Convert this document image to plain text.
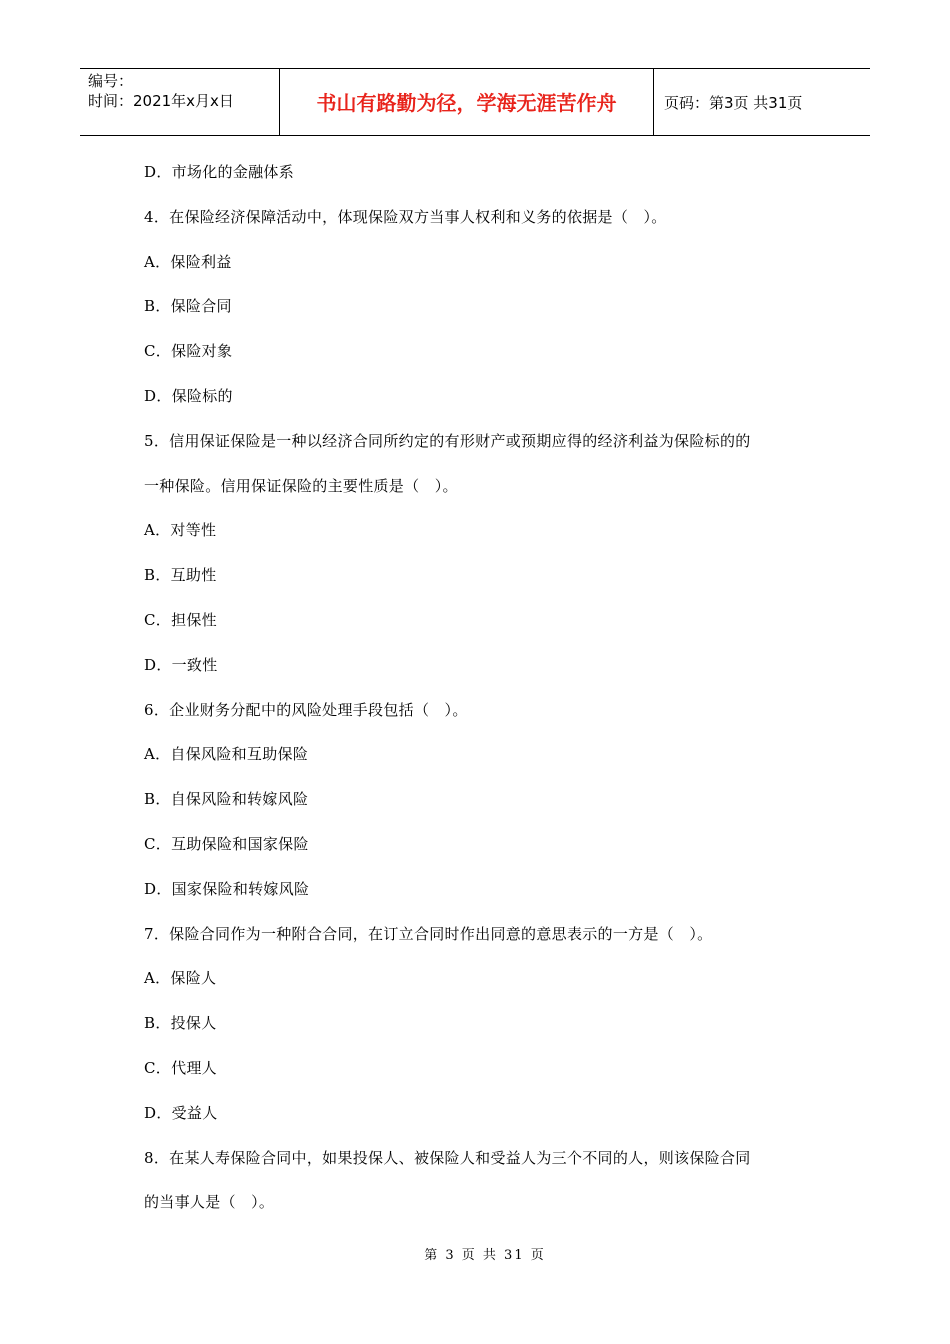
编号：
时间：2021年x月x日	书山有路勤为径，学海无涯苦作舟	页码：第3页 共31页
D．市场化的金融体系
4．在保险经济保障活动中，体现保险双方当事人权利和义务的依据是（　）。
A．保险利益
B．保险合同
C．保险对象
D．保险标的
5．信用保证保险是一种以经济合同所约定的有形财产或预期应得的经济利益为保险标的的
一种保险。信用保证保险的主要性质是（　）。
A．对等性
B．互助性
C．担保性
D．一致性
6．企业财务分配中的风险处理手段包括（　）。
A．自保风险和互助保险
B．自保风险和转嫁风险
C．互助保险和国家保险
D．国家保险和转嫁风险
7．保险合同作为一种附合合同，在订立合同时作出同意的意思表示的一方是（　）。
A．保险人
B．投保人
C．代理人
D．受益人
8．在某人寿保险合同中，如果投保人、被保险人和受益人为三个不同的人，则该保险合同
的当事人是（　）。
第 3 页 共 31 页
